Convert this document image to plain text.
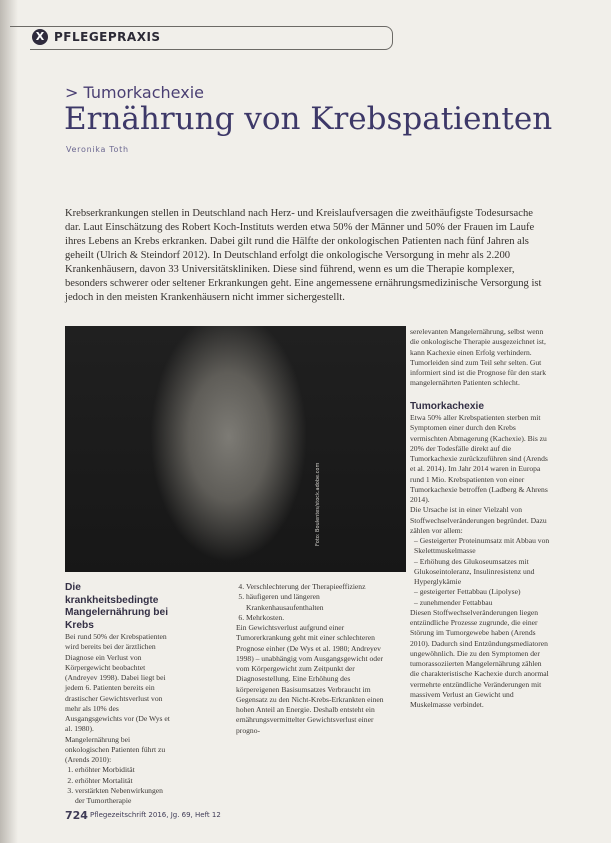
X PFLEGEPRAXIS
> Tumorkachexie
Ernährung von Krebspatienten
Veronika Toth

Krebserkrankungen stellen in Deutschland nach Herz- und Kreislaufversagen die zweithäufigste Todesursache dar. Laut Einschätzung des Robert Koch-Instituts werden etwa 50% der Männer und 50% der Frauen im Laufe ihres Lebens an Krebs erkranken. Dabei gilt rund die Hälfte der onkologischen Patienten nach fünf Jahren als geheilt (Ulrich & Steindorf 2012). In Deutschland erfolgt die onkologische Versorgung in mehr als 2.200 Krankenhäusern, davon 33 Universitätskliniken. Diese sind führend, wenn es um die Therapie komplexer, besonders schwerer oder seltener Erkrankungen geht. Eine angemessene ernährungsmedizinische Versorgung ist jedoch in den meisten Krankenhäusern nicht immer sichergestellt.

Foto: Boulentes/stock.adobe.com

Die krankheitsbedingte Mangelernährung bei Krebs

Bei rund 50% der Krebspatienten wird bereits bei der ärztlichen Diagnose ein Verlust von Körpergewicht beobachtet (Andreyev 1998). Dabei liegt bei jedem 6. Patienten bereits ein drastischer Gewichtsverlust von mehr als 10% des Ausgangsgewichts vor (De Wys et al. 1980).

Mangelernährung bei onkologischen Patienten führt zu (Arends 2010):

1. erhöhter Morbidität
2. erhöhter Mortalität
3. verstärkten Nebenwirkungen der Tumortherapie
4. Verschlechterung der Therapieeffizienz
5. häufigeren und längeren Krankenhausaufenthalten
6. Mehrkosten.

Ein Gewichtsverlust aufgrund einer Tumorerkrankung geht mit einer schlechteren Prognose einher (De Wys et al. 1980; Andreyev 1998) – unabhängig vom Ausgangsgewicht oder vom Körpergewicht zum Zeitpunkt der Diagnosestellung. Eine Erhöhung des körpereigenen Basisumsatzes Verbraucht im Gegensatz zu den Nicht-Krebs-Erkrankten einen hohen Anteil an Energie. Deshalb entsteht ein ernährungsvermittelter Gewichtsverlust einer progno-

serelevanten Mangelernährung, selbst wenn die onkologische Therapie ausgezeichnet ist, kann Kachexie einen Erfolg verhindern. Tumorleiden sind zum Teil sehr selten. Gut informiert sind ist die Prognose für den stark mangelernährten Patienten schlecht.

Tumorkachexie

Etwa 50% aller Krebspatienten sterben mit Symptomen einer durch den Krebs vermischten Abmagerung (Kachexie). Bis zu 20% der Todesfälle direkt auf die Tumorkachexie zurückzuführen sind (Arends et al. 2014). Im Jahr 2014 waren in Europa rund 1 Mio. Krebspatienten von einer Tumorkachexie betroffen (Ladberg & Ahrens 2014).

Die Ursache ist in einer Vielzahl von Stoffwechselveränderungen begründet. Dazu zählen vor allem:

– Gesteigerter Proteinumsatz mit Abbau von Skelettmuskelmasse
– Erhöhung des Glukoseumsatzes mit Glukoseintoleranz, Insulinresistenz und Hyperglykämie
– gesteigerter Fettabbau (Lipolyse)
– zunehmender Fettabbau

Diesen Stoffwechselveränderungen liegen entzündliche Prozesse zugrunde, die einer Störung im Tumorgewebe haben (Arends 2010). Dadurch sind Entzündungsmediatoren ungewöhnlich. Die zu den Symptomen der tumorassoziierten Mangelernährung zählen die charakteristische Kachexie durch anormal vermehrte entzündliche Veränderungen mit massivem Verlust an Gewicht und Muskelmasse verbindet.

724 Pflegezeitschrift 2016, Jg. 69, Heft 12
